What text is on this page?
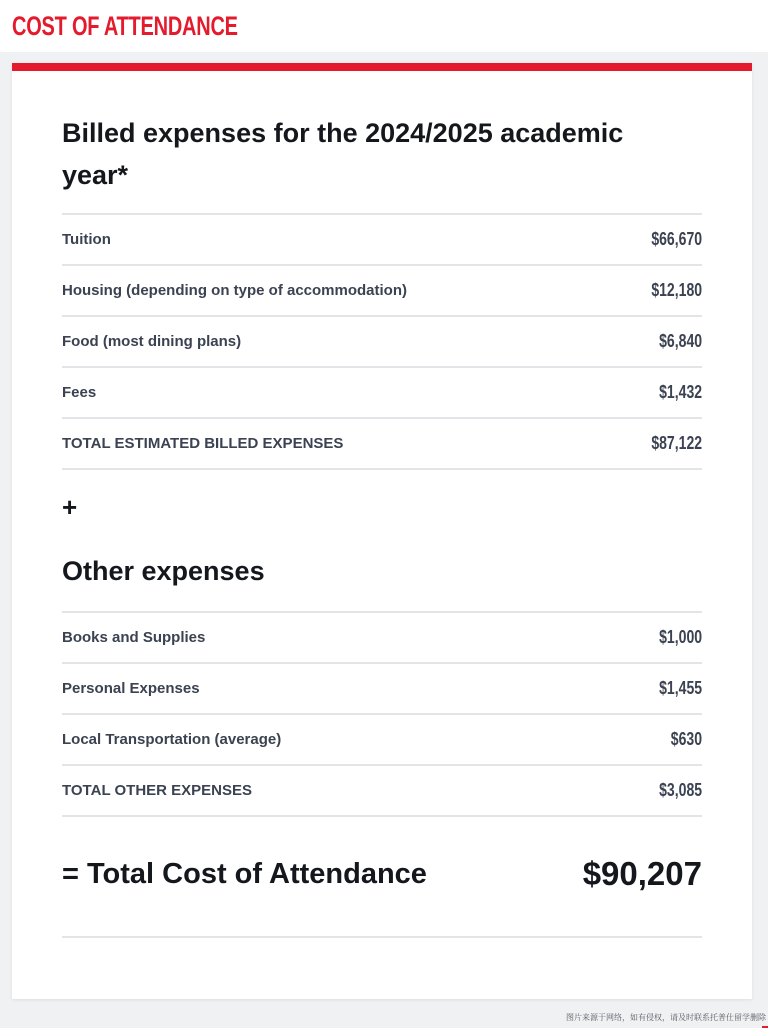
COST OF ATTENDANCE
Billed expenses for the 2024/2025 academic year*
Tuition	$66,670
Housing (depending on type of accommodation)	$12,180
Food (most dining plans)	$6,840
Fees	$1,432
TOTAL ESTIMATED BILLED EXPENSES	$87,122
+
Other expenses
Books and Supplies	$1,000
Personal Expenses	$1,455
Local Transportation (average)	$630
TOTAL OTHER EXPENSES	$3,085
= Total Cost of Attendance	$90,207
图片来源于网络，如有侵权，请及时联系托普仕留学删除
